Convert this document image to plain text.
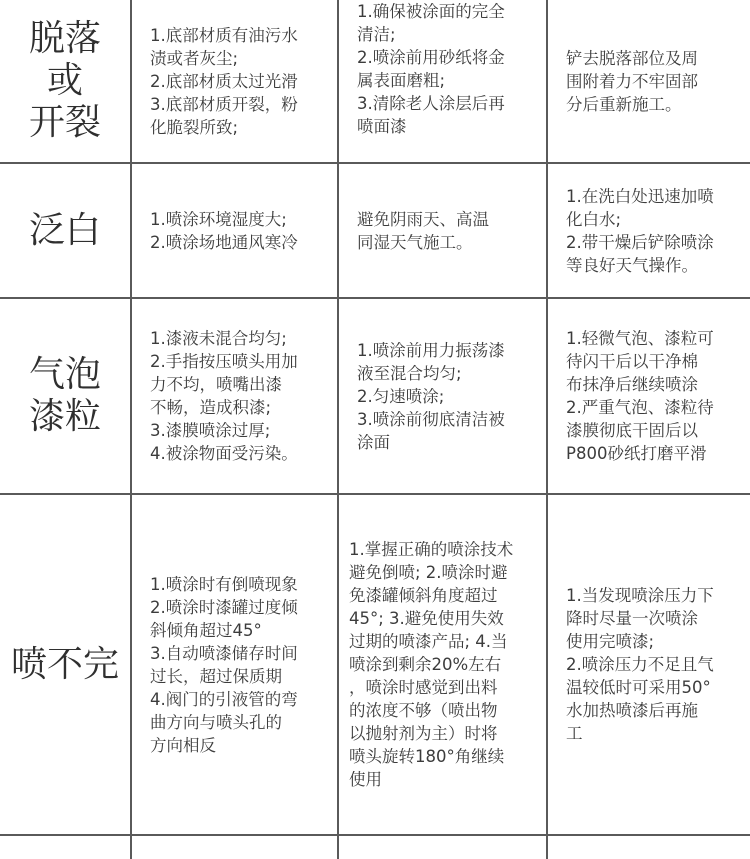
脱落
或
开裂
1.底部材质有油污水
渍或者灰尘;
2.底部材质太过光滑
3.底部材质开裂，粉
化脆裂所致;
1.确保被涂面的完全
清洁;
2.喷涂前用砂纸将金
属表面磨粗;
3.清除老人涂层后再
喷面漆
铲去脱落部位及周
围附着力不牢固部
分后重新施工。
泛白	1.喷涂环境湿度大;
2.喷涂场地通风寒冷
避免阴雨天、高温
同湿天气施工。
1.在洗白处迅速加喷
化白水;
2.带干燥后铲除喷涂
等良好天气操作。
气泡
漆粒
1.漆液未混合均匀;
2.手指按压喷头用加
力不均，喷嘴出漆
不畅，造成积漆;
3.漆膜喷涂过厚;
4.被涂物面受污染。
1.喷涂前用力振荡漆
液至混合均匀;
2.匀速喷涂;
3.喷涂前彻底清洁被
涂面
1.轻微气泡、漆粒可
待闪干后以干净棉
布抹净后继续喷涂
2.严重气泡、漆粒待
漆膜彻底干固后以
P800砂纸打磨平滑
喷不完
1.喷涂时有倒喷现象
2.喷涂时漆罐过度倾
斜倾角超过45°
3.自动喷漆储存时间
过长，超过保质期
4.阀门的引液管的弯
曲方向与喷头孔的
方向相反
1.掌握正确的喷涂技术
避免倒喷; 2.喷涂时避
免漆罐倾斜角度超过
45°; 3.避免使用失效
过期的喷漆产品; 4.当
喷涂到剩余20%左右
，喷涂时感觉到出料
的浓度不够（喷出物
以抛射剂为主）时将
喷头旋转180°角继续
使用
1.当发现喷涂压力下
降时尽量一次喷涂
使用完喷漆;
2.喷涂压力不足且气
温较低时可采用50°
水加热喷漆后再施
工
